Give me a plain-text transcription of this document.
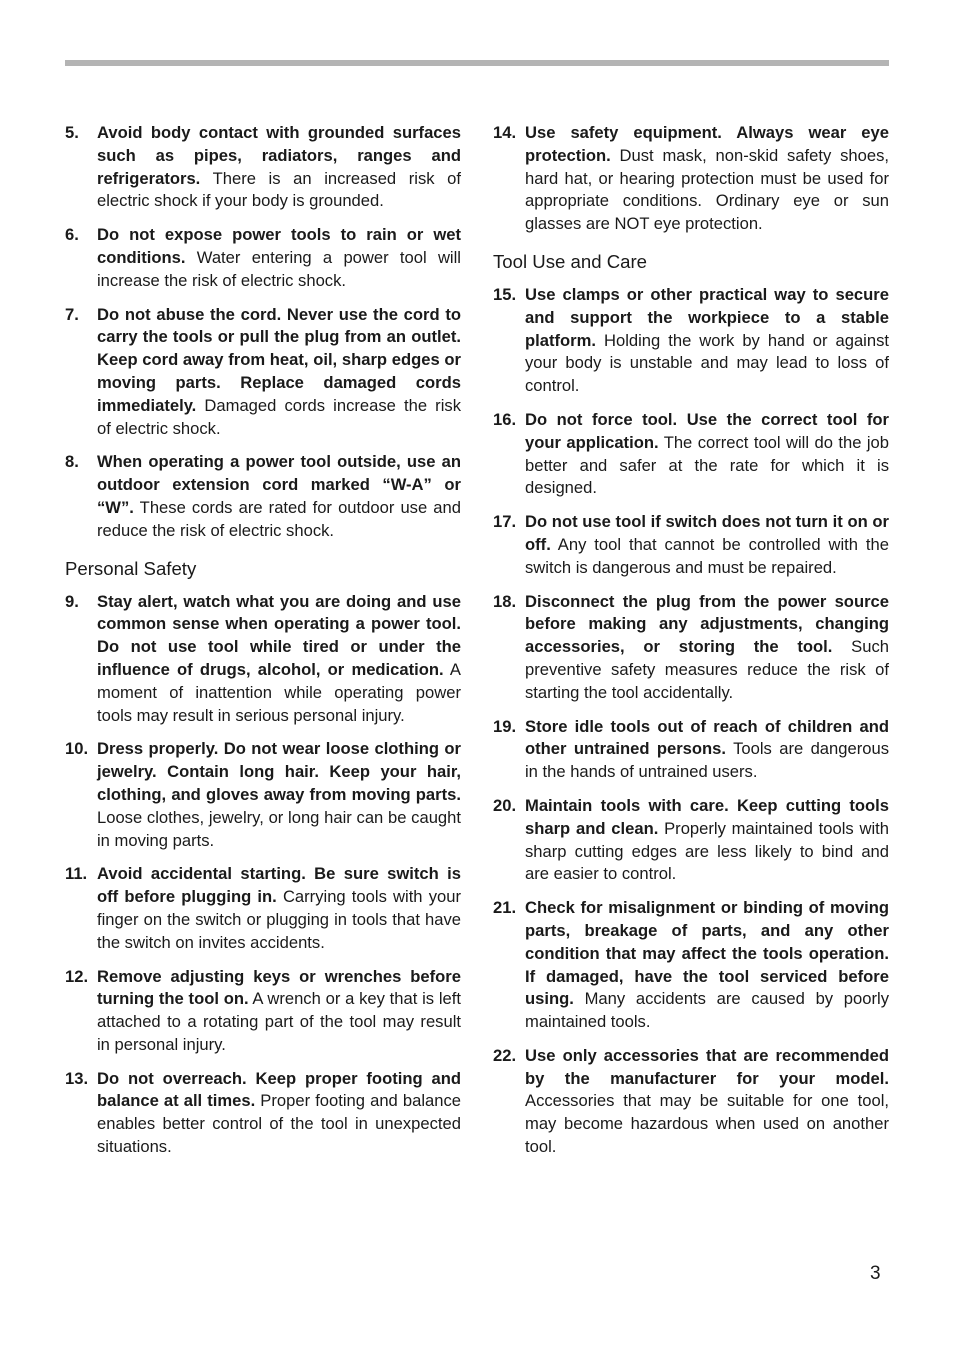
5.	Avoid body contact with grounded surfaces such as pipes, radiators, ranges and refrigerators. There is an increased risk of electric shock if your body is grounded.
6.	Do not expose power tools to rain or wet conditions. Water entering a power tool will increase the risk of electric shock.
7.	Do not abuse the cord. Never use the cord to carry the tools or pull the plug from an outlet. Keep cord away from heat, oil, sharp edges or moving parts. Replace damaged cords immediately. Damaged cords increase the risk of electric shock.
8.	When operating a power tool outside, use an outdoor extension cord marked “W-A” or “W”. These cords are rated for outdoor use and reduce the risk of electric shock.
Personal Safety
9.	Stay alert, watch what you are doing and use common sense when operating a power tool. Do not use tool while tired or under the influence of drugs, alcohol, or medication. A moment of inattention while operating power tools may result in serious personal injury.
10. Dress properly. Do not wear loose clothing or jewelry. Contain long hair. Keep your hair, clothing, and gloves away from moving parts. Loose clothes, jewelry, or long hair can be caught in moving parts.
11. Avoid accidental starting. Be sure switch is off before plugging in. Carrying tools with your finger on the switch or plugging in tools that have the switch on invites accidents.
12. Remove adjusting keys or wrenches before turning the tool on. A wrench or a key that is left attached to a rotating part of the tool may result in personal injury.
13. Do not overreach. Keep proper footing and balance at all times. Proper footing and balance enables better control of the tool in unexpected situations.
14. Use safety equipment. Always wear eye protection. Dust mask, non-skid safety shoes, hard hat, or hearing protection must be used for appropriate conditions. Ordinary eye or sun glasses are NOT eye protection.
Tool Use and Care
15. Use clamps or other practical way to secure and support the workpiece to a stable platform. Holding the work by hand or against your body is unstable and may lead to loss of control.
16. Do not force tool. Use the correct tool for your application. The correct tool will do the job better and safer at the rate for which it is designed.
17. Do not use tool if switch does not turn it on or off. Any tool that cannot be controlled with the switch is dangerous and must be repaired.
18. Disconnect the plug from the power source before making any adjustments, changing accessories, or storing the tool. Such preventive safety measures reduce the risk of starting the tool accidentally.
19. Store idle tools out of reach of children and other untrained persons. Tools are dangerous in the hands of untrained users.
20. Maintain tools with care. Keep cutting tools sharp and clean. Properly maintained tools with sharp cutting edges are less likely to bind and are easier to control.
21. Check for misalignment or binding of moving parts, breakage of parts, and any other condition that may affect the tools operation. If damaged, have the tool serviced before using. Many accidents are caused by poorly maintained tools.
22. Use only accessories that are recommended by the manufacturer for your model. Accessories that may be suitable for one tool, may become hazardous when used on another tool.
3
